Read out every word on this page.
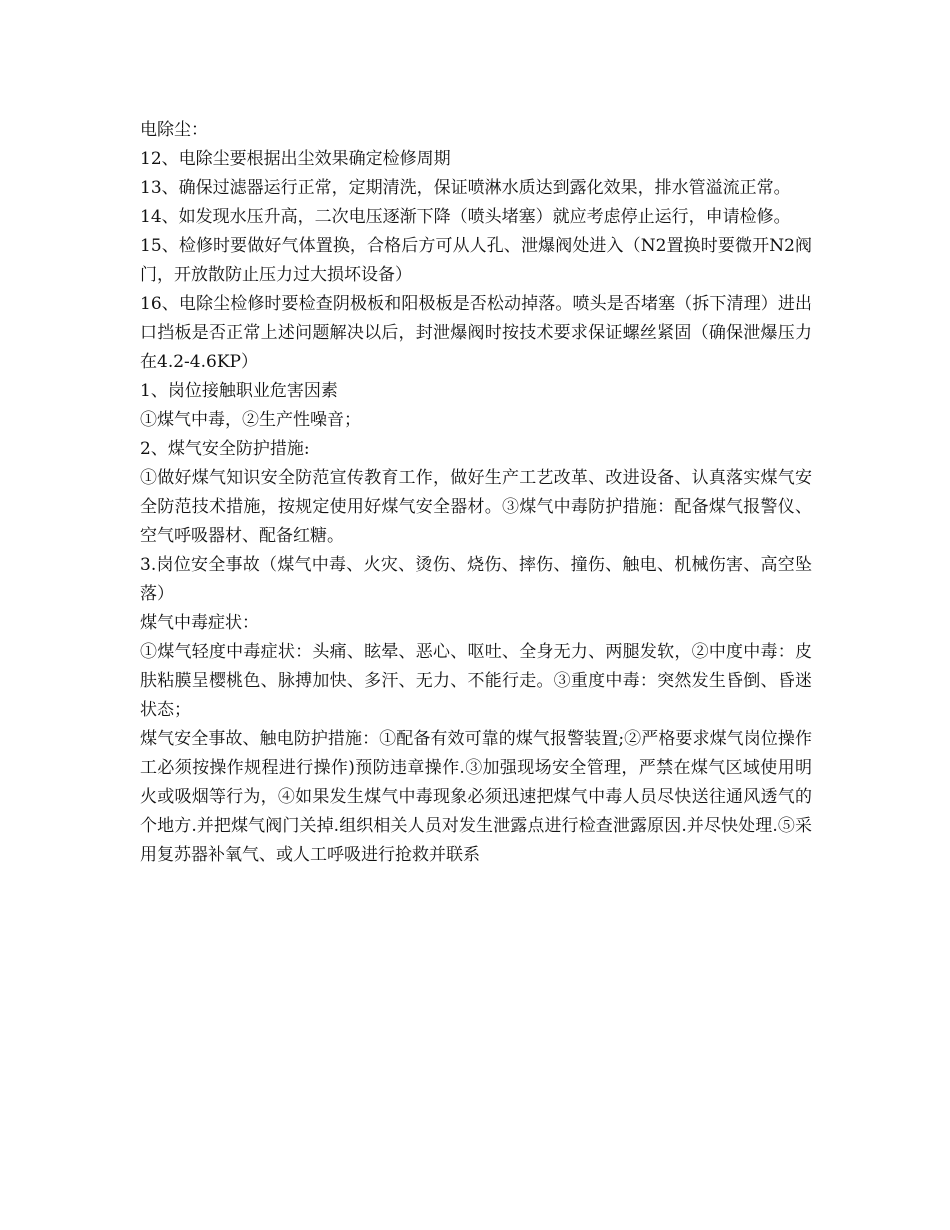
电除尘：

12、电除尘要根据出尘效果确定检修周期

13、确保过滤器运行正常，定期清洗，保证喷淋水质达到露化效果，排水管溢流正常。

14、如发现水压升高，二次电压逐渐下降（喷头堵塞）就应考虑停止运行，申请检修。

15、检修时要做好气体置换，合格后方可从人孔、泄爆阀处进入（N2置换时要微开N2阀门，开放散防止压力过大损坏设备）

16、电除尘检修时要检查阴极板和阳极板是否松动掉落。喷头是否堵塞（拆下清理）进出口挡板是否正常上述问题解决以后，封泄爆阀时按技术要求保证螺丝紧固（确保泄爆压力在4.2-4.6KP）

1、岗位接触职业危害因素

①煤气中毒，②生产性噪音；

2、煤气安全防护措施:

①做好煤气知识安全防范宣传教育工作，做好生产工艺改革、改进设备、认真落实煤气安全防范技术措施，按规定使用好煤气安全器材。③煤气中毒防护措施：配备煤气报警仪、空气呼吸器材、配备红糖。

3.岗位安全事故（煤气中毒、火灾、烫伤、烧伤、摔伤、撞伤、触电、机械伤害、高空坠落）

煤气中毒症状：

①煤气轻度中毒症状：头痛、眩晕、恶心、呕吐、全身无力、两腿发软，②中度中毒：皮肤粘膜呈樱桃色、脉搏加快、多汗、无力、不能行走。③重度中毒：突然发生昏倒、昏迷状态；

煤气安全事故、触电防护措施：①配备有效可靠的煤气报警装置;②严格要求煤气岗位操作工必须按操作规程进行操作)预防违章操作.③加强现场安全管理，严禁在煤气区域使用明火或吸烟等行为，④如果发生煤气中毒现象必须迅速把煤气中毒人员尽快送往通风透气的个地方.并把煤气阀门关掉.组织相关人员对发生泄露点进行检查泄露原因.并尽快处理.⑤采用复苏器补氧气、或人工呼吸进行抢救并联系
